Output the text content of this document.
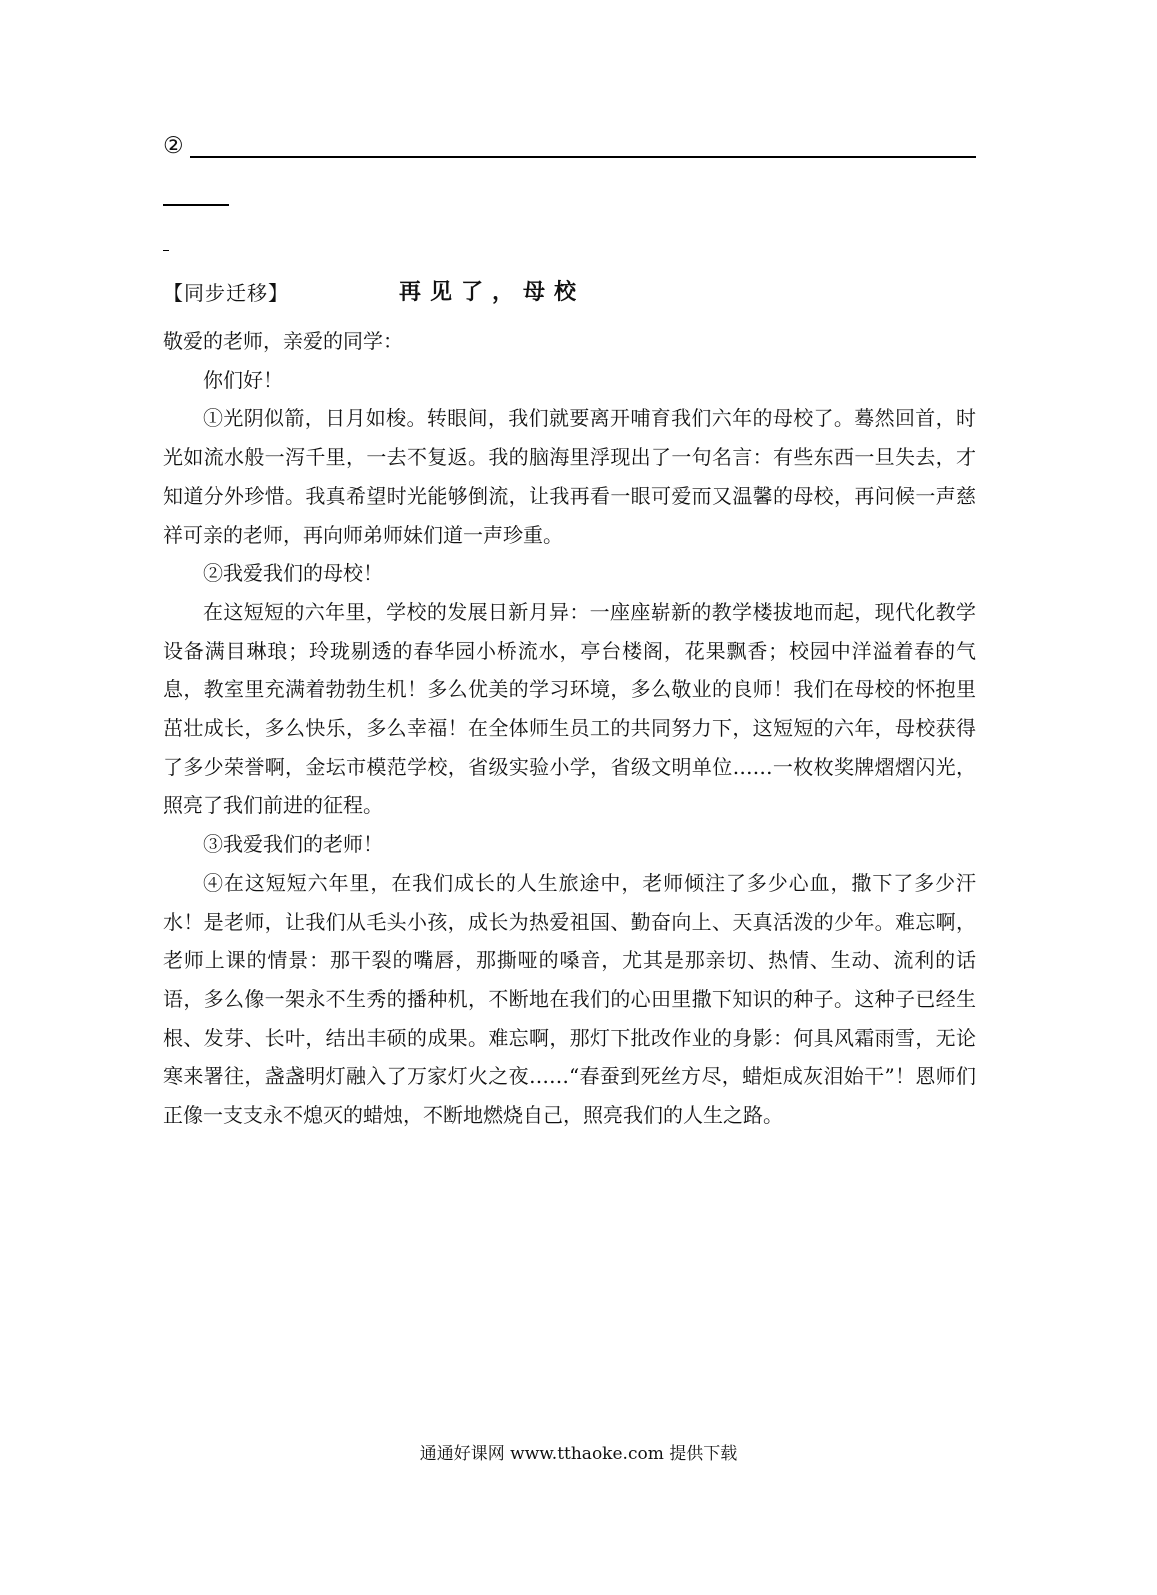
②
【同步迁移】	再见了，母校

敬爱的老师，亲爱的同学：

你们好！

①光阴似箭，日月如梭。转眼间，我们就要离开哺育我们六年的母校了。蓦然回首，时光如流水般一泻千里，一去不复返。我的脑海里浮现出了一句名言：有些东西一旦失去，才知道分外珍惜。我真希望时光能够倒流，让我再看一眼可爱而又温馨的母校，再问候一声慈祥可亲的老师，再向师弟师妹们道一声珍重。

②我爱我们的母校！

在这短短的六年里，学校的发展日新月异：一座座崭新的教学楼拔地而起，现代化教学设备满目琳琅；玲珑剔透的春华园小桥流水，亭台楼阁，花果飘香；校园中洋溢着春的气息，教室里充满着勃勃生机！多么优美的学习环境，多么敬业的良师！我们在母校的怀抱里茁壮成长，多么快乐，多么幸福！在全体师生员工的共同努力下，这短短的六年，母校获得了多少荣誉啊，金坛市模范学校，省级实验小学，省级文明单位……一枚枚奖牌熠熠闪光，照亮了我们前进的征程。

③我爱我们的老师！

④在这短短六年里，在我们成长的人生旅途中，老师倾注了多少心血，撒下了多少汗水！是老师，让我们从毛头小孩，成长为热爱祖国、勤奋向上、天真活泼的少年。难忘啊，老师上课的情景：那干裂的嘴唇，那撕哑的嗓音，尤其是那亲切、热情、生动、流利的话语，多么像一架永不生秀的播种机，不断地在我们的心田里撒下知识的种子。这种子已经生根、发芽、长叶，结出丰硕的成果。难忘啊，那灯下批改作业的身影：何具风霜雨雪，无论寒来署往，盏盏明灯融入了万家灯火之夜……“春蚕到死丝方尽，蜡炬成灰泪始干”！恩师们正像一支支永不熄灭的蜡烛，不断地燃烧自己，照亮我们的人生之路。

通通好课网 www.tthaoke.com 提供下载
